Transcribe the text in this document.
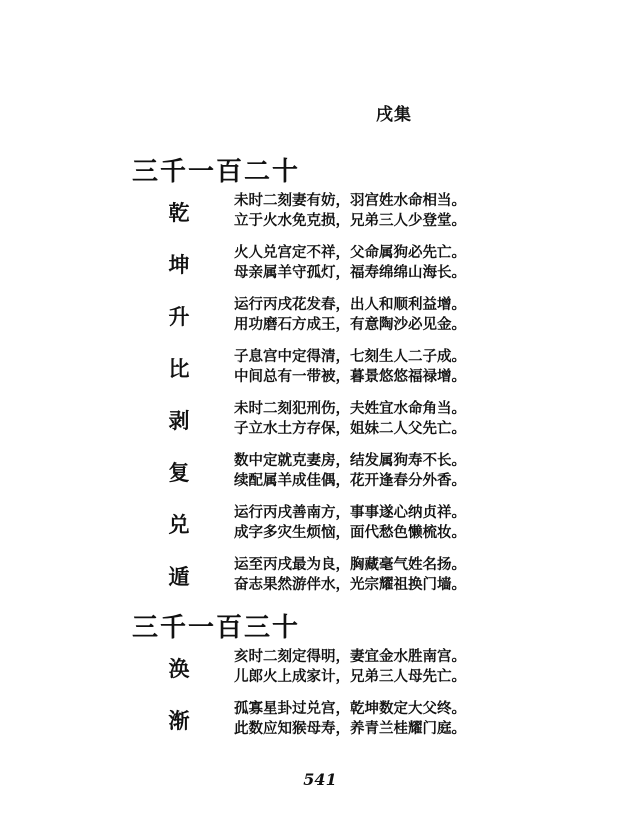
戌集
三千一百二十
乾	未时二刻妻有妨，羽宫姓水命相当。
立于火水免克损，兄弟三人少登堂。
坤	火人兑宫定不祥，父命属狗必先亡。
母亲属羊守孤灯，福寿绵绵山海长。
升	运行丙戌花发春，出人和顺利益增。
用功磨石方成王，有意陶沙必见金。
比	子息宫中定得清，七刻生人二子成。
中间总有一带被，暮景悠悠福禄增。
剥	未时二刻犯刑伤，夫姓宜水命角当。
子立水土方存保，姐妹二人父先亡。
复	数中定就克妻房，结发属狗寿不长。
续配属羊成佳偶，花开逢春分外香。
兑	运行丙戌善南方，事事遂心纳贞祥。
成字多灾生烦恼，面代愁色懒梳妆。
遁	运至丙戌最为良，胸藏毫气姓名扬。
奋志果然游伴水，光宗耀祖换门墙。
三千一百三十
涣	亥时二刻定得明，妻宜金水胜南宫。
儿郎火上成家计，兄弟三人母先亡。
渐	孤寡星卦过兑宫，乾坤数定大父终。
此数应知猴母寿，养青兰桂耀门庭。
541
